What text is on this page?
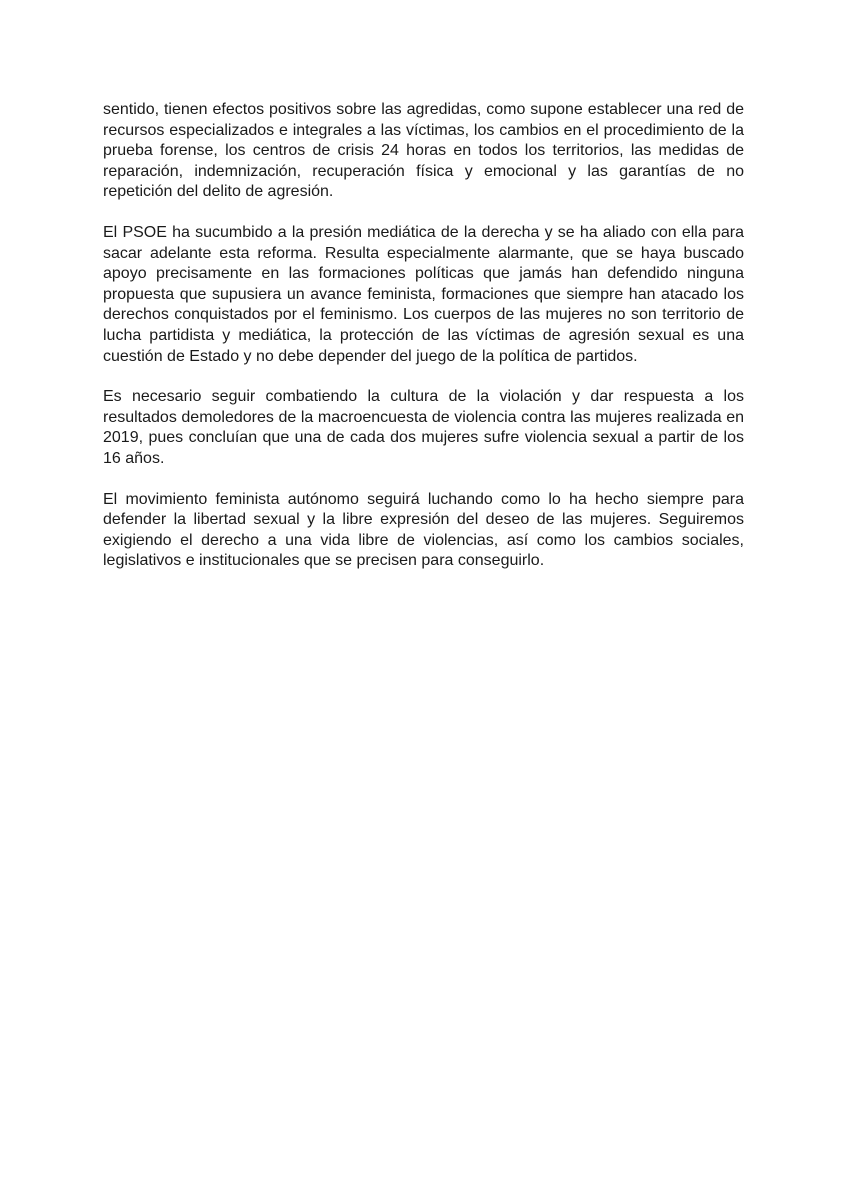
sentido, tienen efectos positivos sobre las agredidas, como supone establecer una red de recursos especializados e integrales a las víctimas, los cambios en el procedimiento de la prueba forense, los centros de crisis 24 horas en todos los territorios, las medidas de reparación, indemnización, recuperación física y emocional y las garantías de no repetición del delito de agresión.

El PSOE ha sucumbido a la presión mediática de la derecha y se ha aliado con ella para sacar adelante esta reforma. Resulta especialmente alarmante, que se haya buscado apoyo precisamente en las formaciones políticas que jamás han defendido ninguna propuesta que supusiera un avance feminista, formaciones que siempre han atacado los derechos conquistados por el feminismo. Los cuerpos de las mujeres no son territorio de lucha partidista y mediática, la protección de las víctimas de agresión sexual es una cuestión de Estado y no debe depender del juego de la política de partidos.

Es necesario seguir combatiendo la cultura de la violación y dar respuesta a los resultados demoledores de la macroencuesta de violencia contra las mujeres realizada en 2019, pues concluían que una de cada dos mujeres sufre violencia sexual a partir de los 16 años.

El movimiento feminista autónomo seguirá luchando como lo ha hecho siempre para defender la libertad sexual y la libre expresión del deseo de las mujeres. Seguiremos exigiendo el derecho a una vida libre de violencias, así como los cambios sociales, legislativos e institucionales que se precisen para conseguirlo.
